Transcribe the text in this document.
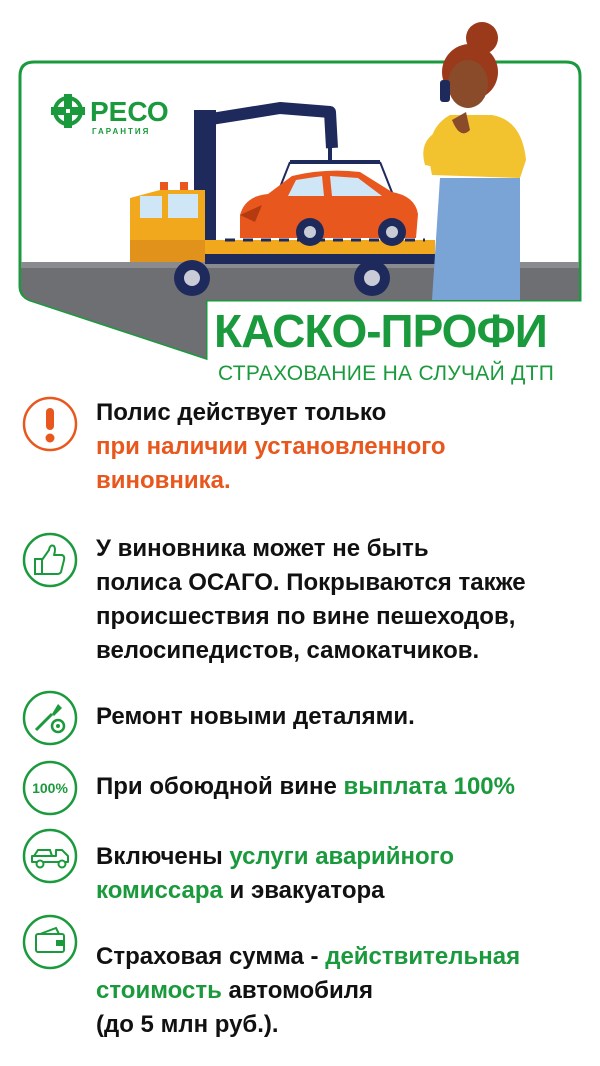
РЕСО
ГАРАНТИЯ
КАСКО-ПРОФИ
СТРАХОВАНИЕ НА СЛУЧАЙ ДТП
Полис действует только
при наличии установленного
виновника.
У виновника может не быть
полиса ОСАГО. Покрываются также
происшествия по вине пешеходов,
велосипедистов, самокатчиков.
Ремонт новыми деталями.
100% При обоюдной вине выплата 100%
Включены услуги аварийного
комиссара и эвакуатора
Страховая сумма - действительная
стоимость автомобиля
(до 5 млн руб.).
